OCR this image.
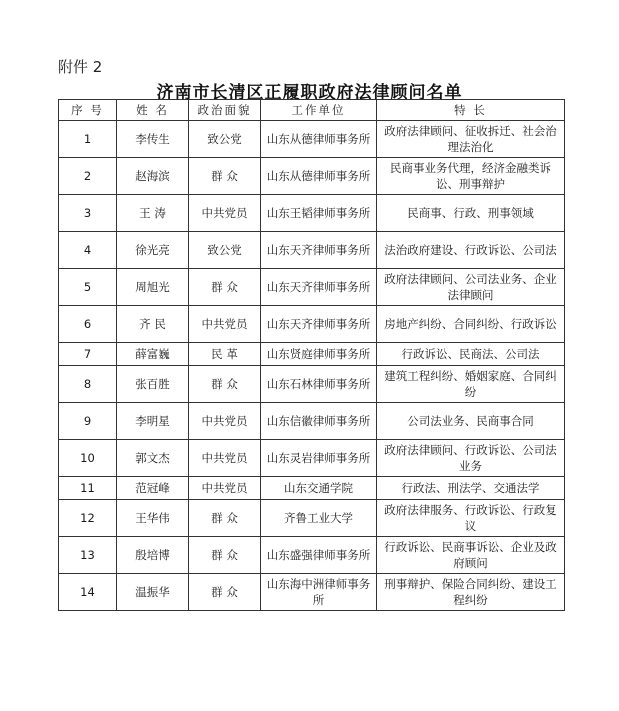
附件 2
济南市长清区正履职政府法律顾问名单
序 号	姓 名	政治面貌	工作单位	特 长
1	李传生	致公党	山东从德律师事务所	政府法律顾问、征收拆迁、社会治理法治化
2	赵海滨	群 众	山东从德律师事务所	民商事业务代理，经济金融类诉讼、刑事辩护
3	王 涛	中共党员	山东王韬律师事务所	民商事、行政、刑事领域
4	徐光亮	致公党	山东天齐律师事务所	法治政府建设、行政诉讼、公司法
5	周旭光	群 众	山东天齐律师事务所	政府法律顾问、公司法业务、企业法律顾问
6	齐 民	中共党员	山东天齐律师事务所	房地产纠纷、合同纠纷、行政诉讼
7	薛富巍	民 革	山东贤庭律师事务所	行政诉讼、民商法、公司法
8	张百胜	群 众	山东石林律师事务所	建筑工程纠纷、婚姻家庭、合同纠纷
9	李明星	中共党员	山东信徽律师事务所	公司法业务、民商事合同
10	郭文杰	中共党员	山东灵岩律师事务所	政府法律顾问、行政诉讼、公司法业务
11	范冠峰	中共党员	山东交通学院	行政法、刑法学、交通法学
12	王华伟	群 众	齐鲁工业大学	政府法律服务、行政诉讼、行政复议
13	殷培博	群 众	山东盛强律师事务所	行政诉讼、民商事诉讼、企业及政府顾问
14	温振华	群 众	山东海中洲律师事务所	刑事辩护、保险合同纠纷、建设工程纠纷
